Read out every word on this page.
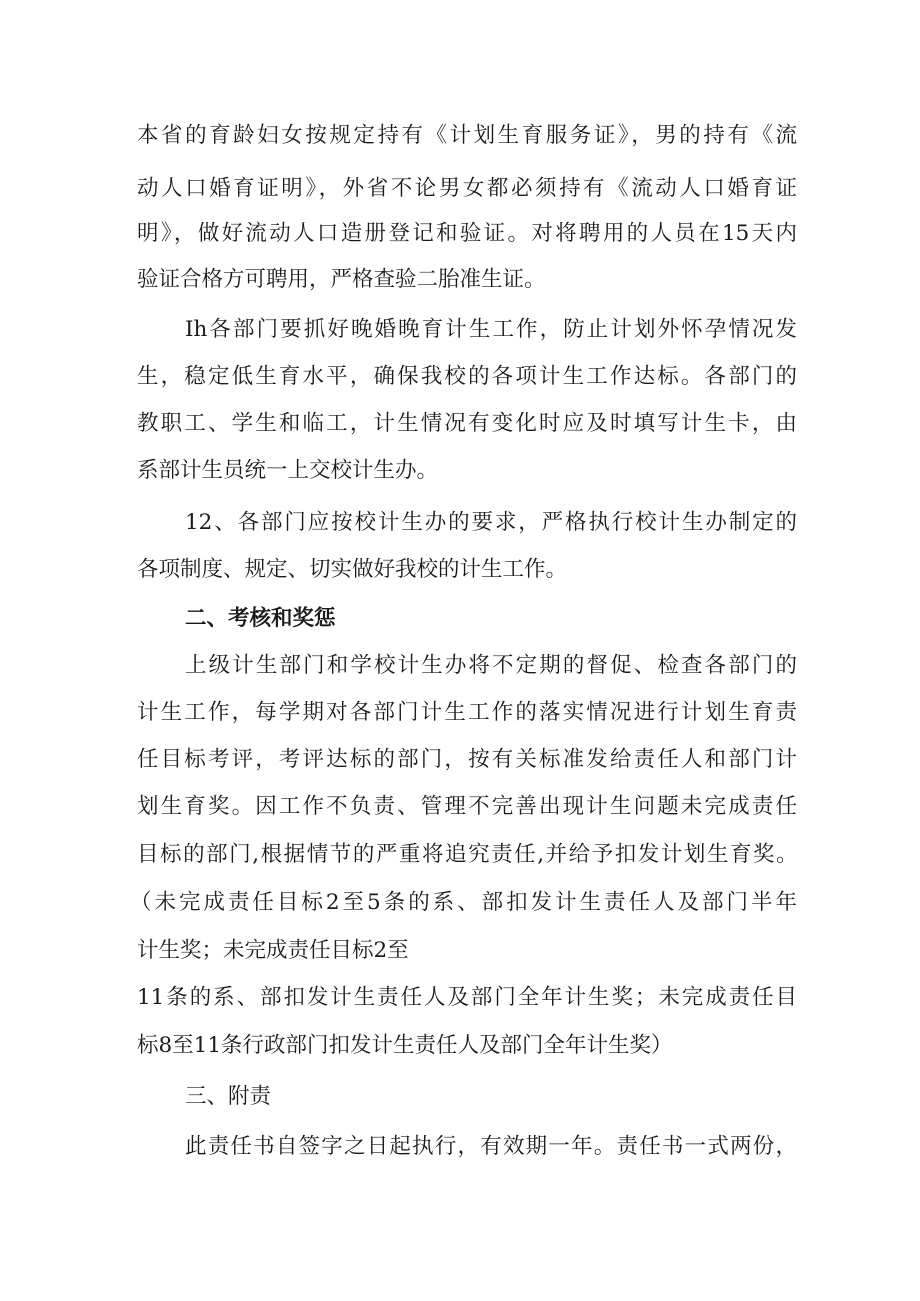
本省的育龄妇女按规定持有《计划生育服务证》，男的持有《流
动人口婚育证明》，外省不论男女都必须持有《流动人口婚育证
明》，做好流动人口造册登记和验证。对将聘用的人员在15天内
验证合格方可聘用，严格查验二胎准生证。
Ih各部门要抓好晚婚晚育计生工作，防止计划外怀孕情况发
生，稳定低生育水平，确保我校的各项计生工作达标。各部门的
教职工、学生和临工，计生情况有变化时应及时填写计生卡，由
系部计生员统一上交校计生办。
12、各部门应按校计生办的要求，严格执行校计生办制定的
各项制度、规定、切实做好我校的计生工作。
二、考核和奖惩
上级计生部门和学校计生办将不定期的督促、检查各部门的
计生工作，每学期对各部门计生工作的落实情况进行计划生育责
任目标考评，考评达标的部门，按有关标准发给责任人和部门计
划生育奖。因工作不负责、管理不完善出现计生问题未完成责任
目标的部门,根据情节的严重将追究责任,并给予扣发计划生育奖。
（未完成责任目标2至5条的系、部扣发计生责任人及部门半年
计生奖；未完成责任目标2至
11条的系、部扣发计生责任人及部门全年计生奖；未完成责任目
标8至11条行政部门扣发计生责任人及部门全年计生奖）
三、附责
此责任书自签字之日起执行，有效期一年。责任书一式两份，
